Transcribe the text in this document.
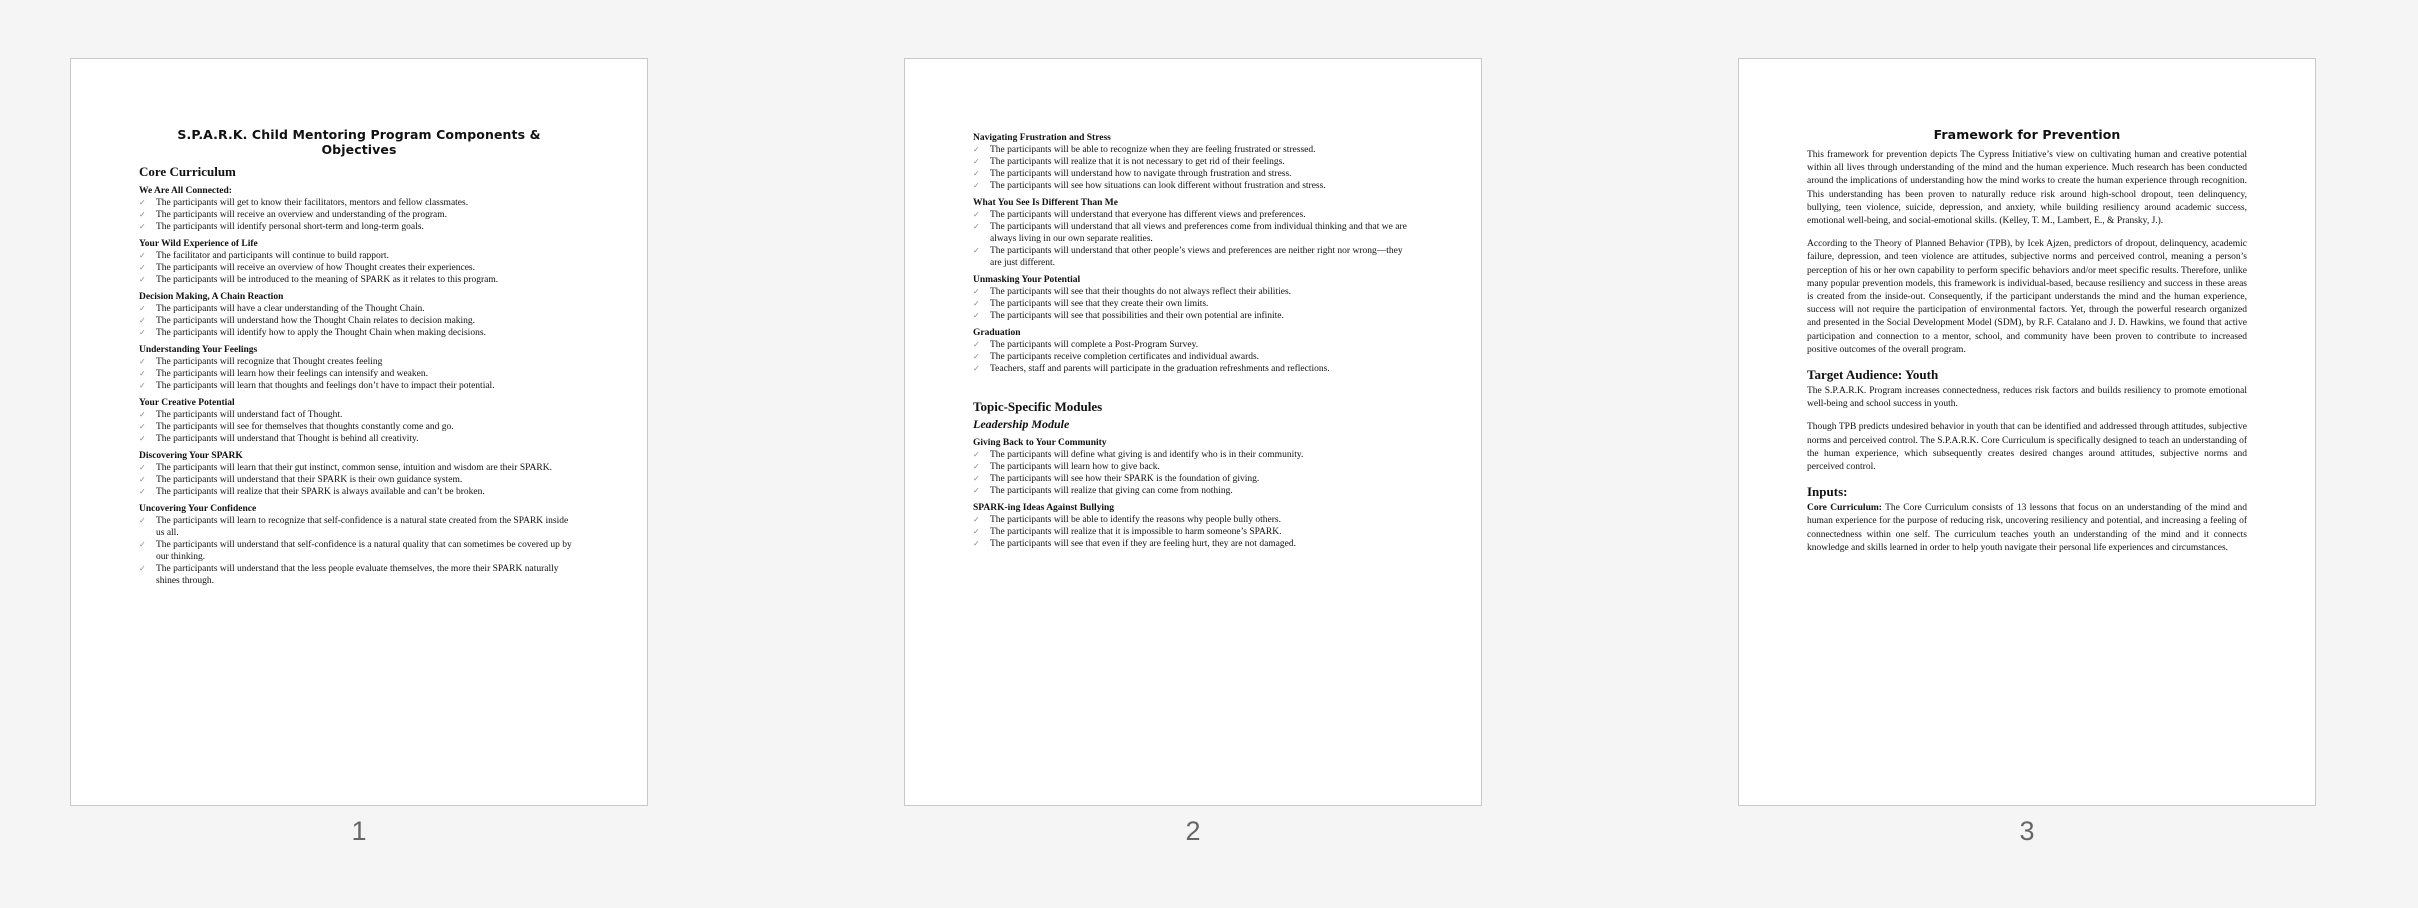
S.P.A.R.K. Child Mentoring Program Components & Objectives
Core Curriculum
We Are All Connected:
✓ The participants will get to know their facilitators, mentors and fellow classmates.
✓ The participants will receive an overview and understanding of the program.
✓ The participants will identify personal short-term and long-term goals.
Your Wild Experience of Life
✓ The facilitator and participants will continue to build rapport.
✓ The participants will receive an overview of how Thought creates their experiences.
✓ The participants will be introduced to the meaning of SPARK as it relates to this program.
Decision Making, A Chain Reaction
✓ The participants will have a clear understanding of the Thought Chain.
✓ The participants will understand how the Thought Chain relates to decision making.
✓ The participants will identify how to apply the Thought Chain when making decisions.
Understanding Your Feelings
✓ The participants will recognize that Thought creates feeling
✓ The participants will learn how their feelings can intensify and weaken.
✓ The participants will learn that thoughts and feelings don’t have to impact their potential.
Your Creative Potential
✓ The participants will understand fact of Thought.
✓ The participants will see for themselves that thoughts constantly come and go.
✓ The participants will understand that Thought is behind all creativity.
Discovering Your SPARK
✓ The participants will learn that their gut instinct, common sense, intuition and wisdom are their SPARK.
✓ The participants will understand that their SPARK is their own guidance system.
✓ The participants will realize that their SPARK is always available and can’t be broken.
Uncovering Your Confidence
✓ The participants will learn to recognize that self-confidence is a natural state created from the SPARK inside us all.
✓ The participants will understand that self-confidence is a natural quality that can sometimes be covered up by our thinking.
✓ The participants will understand that the less people evaluate themselves, the more their SPARK naturally shines through.
1
Navigating Frustration and Stress
✓ The participants will be able to recognize when they are feeling frustrated or stressed.
✓ The participants will realize that it is not necessary to get rid of their feelings.
✓ The participants will understand how to navigate through frustration and stress.
✓ The participants will see how situations can look different without frustration and stress.
What You See Is Different Than Me
✓ The participants will understand that everyone has different views and preferences.
✓ The participants will understand that all views and preferences come from individual thinking and that we are always living in our own separate realities.
✓ The participants will understand that other people’s views and preferences are neither right nor wrong—they are just different.
Unmasking Your Potential
✓ The participants will see that their thoughts do not always reflect their abilities.
✓ The participants will see that they create their own limits.
✓ The participants will see that possibilities and their own potential are infinite.
Graduation
✓ The participants will complete a Post-Program Survey.
✓ The participants receive completion certificates and individual awards.
✓ Teachers, staff and parents will participate in the graduation refreshments and reflections.
Topic-Specific Modules
Leadership Module
Giving Back to Your Community
✓ The participants will define what giving is and identify who is in their community.
✓ The participants will learn how to give back.
✓ The participants will see how their SPARK is the foundation of giving.
✓ The participants will realize that giving can come from nothing.
SPARK-ing Ideas Against Bullying
✓ The participants will be able to identify the reasons why people bully others.
✓ The participants will realize that it is impossible to harm someone’s SPARK.
✓ The participants will see that even if they are feeling hurt, they are not damaged.
2
Framework for Prevention

This framework for prevention depicts The Cypress Initiative’s view on cultivating human and creative potential within all lives through understanding of the mind and the human experience. Much research has been conducted around the implications of understanding how the mind works to create the human experience through recognition. This understanding has been proven to naturally reduce risk around high-school dropout, teen delinquency, bullying, teen violence, suicide, depression, and anxiety, while building resiliency around academic success, emotional well-being, and social-emotional skills. (Kelley, T. M., Lambert, E., & Pransky, J.).

According to the Theory of Planned Behavior (TPB), by Icek Ajzen, predictors of dropout, delinquency, academic failure, depression, and teen violence are attitudes, subjective norms and perceived control, meaning a person’s perception of his or her own capability to perform specific behaviors and/or meet specific results. Therefore, unlike many popular prevention models, this framework is individual-based, because resiliency and success in these areas is created from the inside-out. Consequently, if the participant understands the mind and the human experience, success will not require the participation of environmental factors. Yet, through the powerful research organized and presented in the Social Development Model (SDM), by R.F. Catalano and J. D. Hawkins, we found that active participation and connection to a mentor, school, and community have been proven to contribute to increased positive outcomes of the overall program.

Target Audience: Youth

The S.P.A.R.K. Program increases connectedness, reduces risk factors and builds resiliency to promote emotional well-being and school success in youth.

Though TPB predicts undesired behavior in youth that can be identified and addressed through attitudes, subjective norms and perceived control. The S.P.A.R.K. Core Curriculum is specifically designed to teach an understanding of the human experience, which subsequently creates desired changes around attitudes, subjective norms and perceived control.

Inputs:

Core Curriculum: The Core Curriculum consists of 13 lessons that focus on an understanding of the mind and human experience for the purpose of reducing risk, uncovering resiliency and potential, and increasing a feeling of connectedness within one self. The curriculum teaches youth an understanding of the mind and it connects knowledge and skills learned in order to help youth navigate their personal life experiences and circumstances.

3
